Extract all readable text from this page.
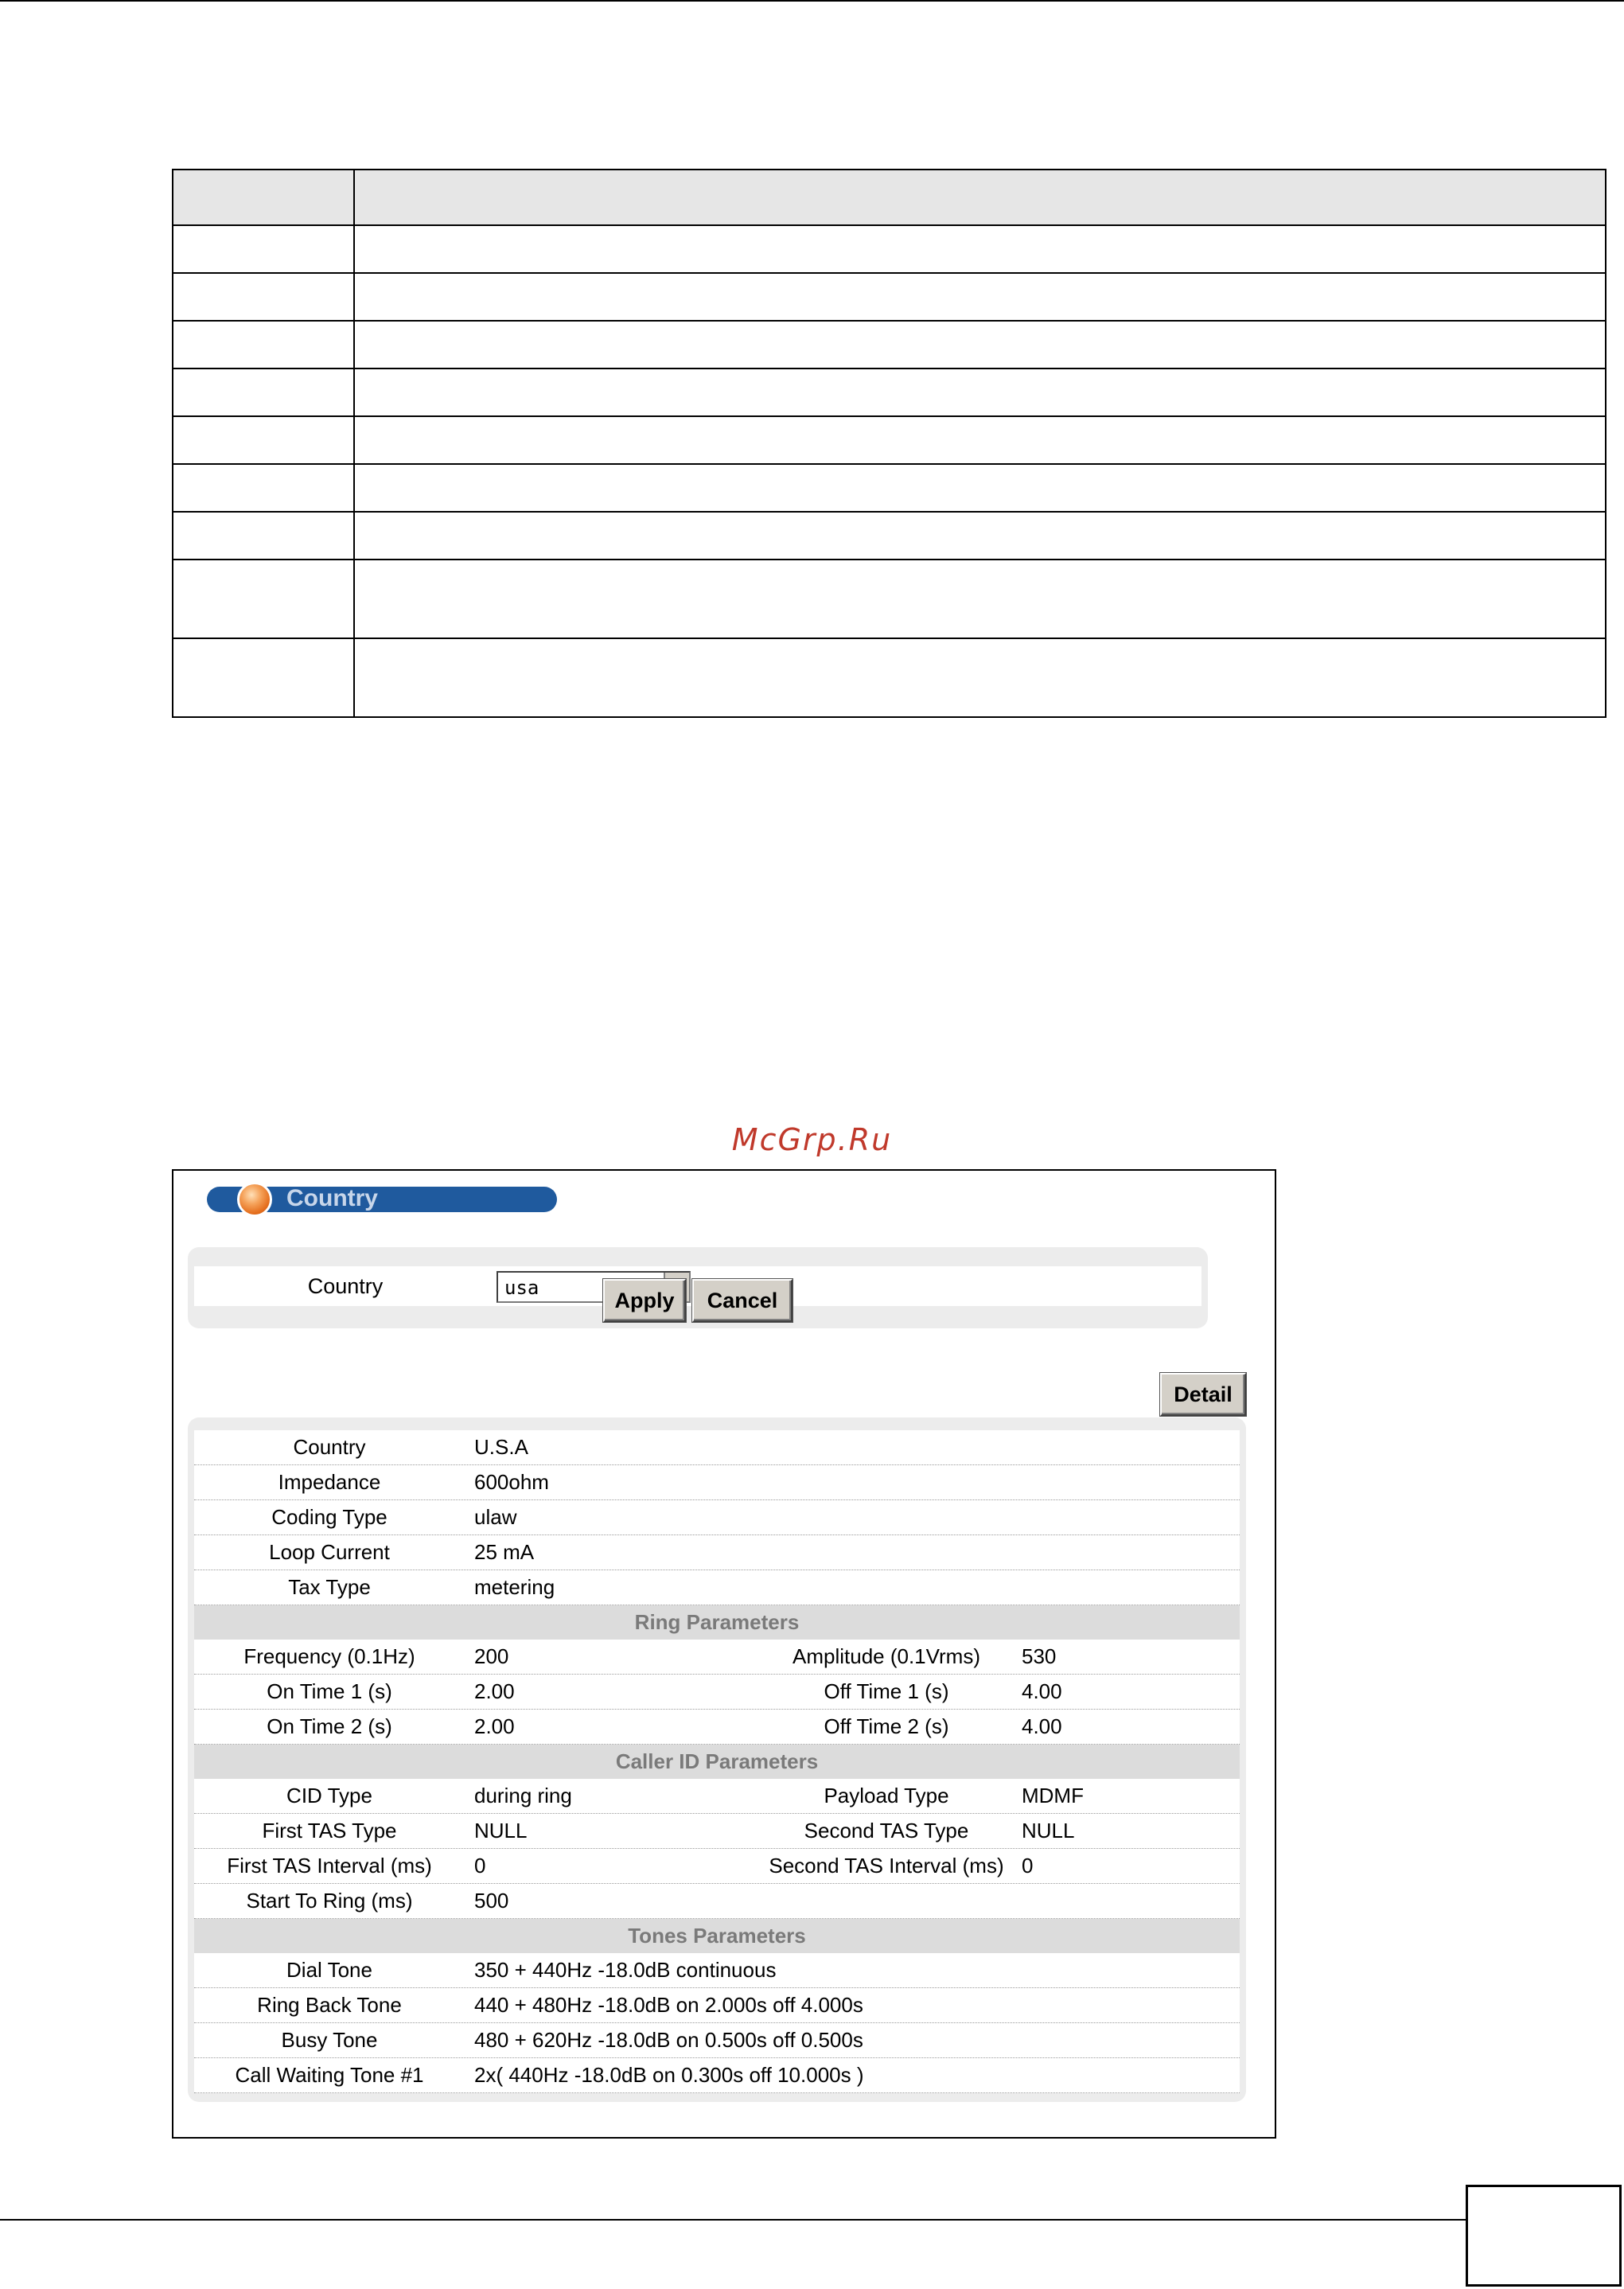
McGrp.Ru
Country
Country	usa
Apply	Cancel
Detail
Country	U.S.A
Impedance	600ohm
Coding Type	ulaw
Loop Current	25 mA
Tax Type	metering
Ring Parameters
Frequency (0.1Hz)	200	Amplitude (0.1Vrms)	530
On Time 1 (s)	2.00	Off Time 1 (s)	4.00
On Time 2 (s)	2.00	Off Time 2 (s)	4.00
Caller ID Parameters
CID Type	during ring	Payload Type	MDMF
First TAS Type	NULL	Second TAS Type	NULL
First TAS Interval (ms)	0	Second TAS Interval (ms) 0
Start To Ring (ms)	500
Tones Parameters
Dial Tone	350 + 440Hz -18.0dB continuous
Ring Back Tone	440 + 480Hz -18.0dB on 2.000s off 4.000s
Busy Tone	480 + 620Hz -18.0dB on 0.500s off 0.500s
Call Waiting Tone #1	2x( 440Hz -18.0dB on 0.300s off 10.000s )
